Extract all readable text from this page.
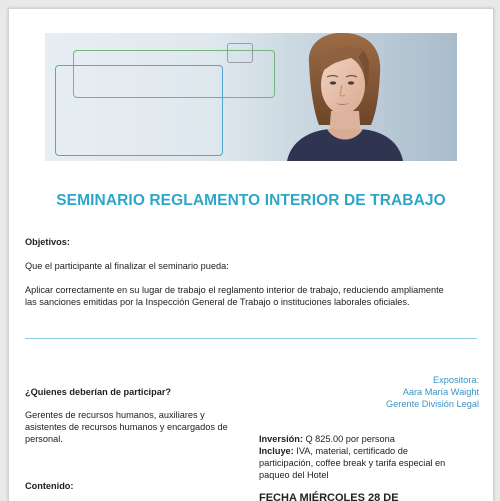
SEMINARIO REGLAMENTO INTERIOR DE TRABAJO
Objetivos:
Que el participante al finalizar el seminario pueda:
Aplicar correctamente en su lugar de trabajo el reglamento interior de trabajo, reduciendo ampliamente
las sanciones emitidas por la Inspección General de Trabajo o instituciones laborales oficiales.
¿Quienes deberían de participar?
Gerentes de recursos humanos, auxiliares y
asistentes de recursos humanos y encargados de
personal.
Contenido:
Expositora:
Aara María Waight
Gerente División Legal
Inversión: Q 825.00 por persona
Incluye: IVA, material, certificado de
participación, coffee break y tarifa especial en
paqueo del Hotel
FECHA MIÉRCOLES 28 DE
